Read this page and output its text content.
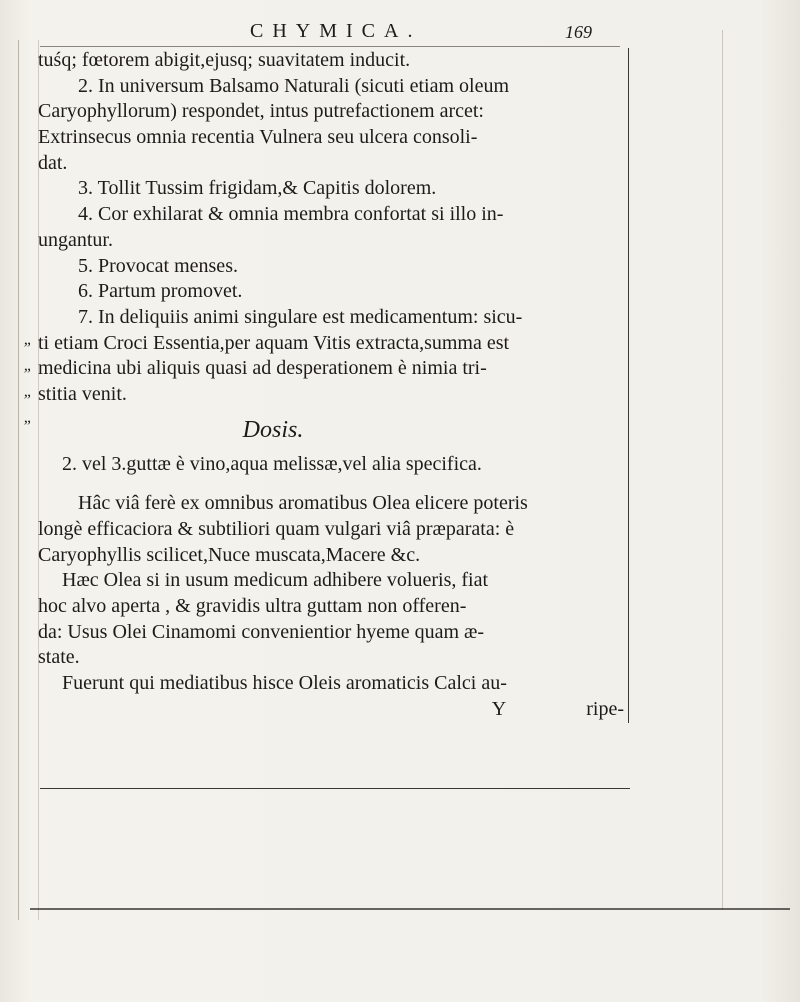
CHYMICA.	169
”
”
”
”
tuśq; fœtorem abigit,ejusq; suavitatem inducit.
2. In universum Balsamo Naturali (sicuti etiam oleum
Caryophyllorum) respondet, intus putrefactionem arcet:
Extrinsecus omnia recentia Vulnera seu ulcera consoli-
dat.
3. Tollit Tussim frigidam,& Capitis dolorem.
4. Cor exhilarat & omnia membra confortat si illo in-
ungantur.
5. Provocat menses.
6. Partum promovet.
7. In deliquiis animi singulare est medicamentum: sicu-
ti etiam Croci Essentia,per aquam Vitis extracta,summa est
medicina ubi aliquis quasi ad desperationem è nimia tri-
stitia venit.
Dosis.
2. vel 3.guttæ è vino,aqua melissæ,vel alia specifica.
Hâc viâ ferè ex omnibus aromatibus Olea elicere poteris
longè efficaciora & subtiliori quam vulgari viâ præparata: è
Caryophyllis scilicet,Nuce muscata,Macere &c.
Hæc Olea si in usum medicum adhibere volueris, fiat
hoc alvo aperta , & gravidis ultra guttam non offeren-
da: Usus Olei Cinamomi convenientior hyeme quam æ-
state.
Fuerunt qui mediatibus hisce Oleis aromaticis Calci au-
Y	ripe-
